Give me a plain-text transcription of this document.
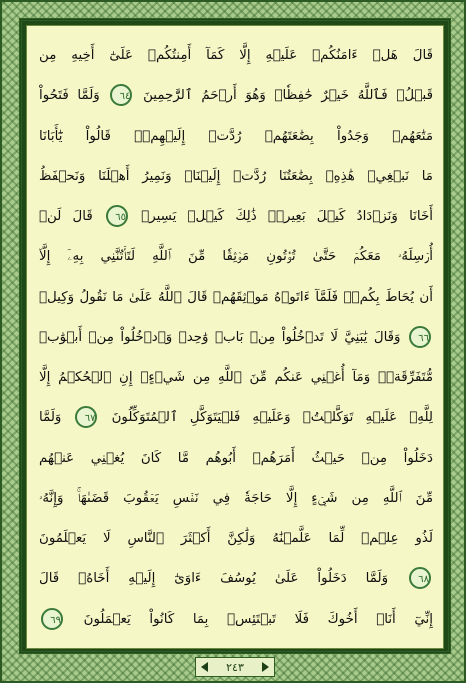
قَالَ هَلۡ ءَامَنُكُمۡ عَلَيۡهِ إِلَّا كَمَآ أَمِنتُكُمۡ عَلَىٰٓ أَخِيهِ مِن
قَبۡلُۖ فَٱللَّهُ خَيۡرٌ حَٰفِظٗاۖ وَهُوَ أَرۡحَمُ ٱلرَّٰحِمِينَ ٦٤ وَلَمَّا فَتَحُواْ
مَتَٰعَهُمۡ وَجَدُواْ بِضَٰعَتَهُمۡ رُدَّتۡ إِلَيۡهِمۡۖ قَالُواْ يَٰٓأَبَانَا
مَا نَبۡغِيۖ هَٰذِهِۦ بِضَٰعَتُنَا رُدَّتۡ إِلَيۡنَاۖ وَنَمِيرُ أَهۡلَنَا وَنَحۡفَظُ
أَخَانَا وَنَزۡدَادُ كَيۡلَ بَعِيرٖۖ ذَٰلِكَ كَيۡلٞ يَسِيرٞ ٦٥ قَالَ لَنۡ
أُرۡسِلَهُۥ مَعَكُمۡ حَتَّىٰ تُؤۡتُونِ مَوۡثِقٗا مِّنَ ٱللَّهِ لَتَأۡتُنَّنِي بِهِۦٓ إِلَّآ
أَن يُحَاطَ بِكُمۡۖ فَلَمَّآ ءَاتَوۡهُ مَوۡثِقَهُمۡ قَالَ ٱللَّهُ عَلَىٰ مَا نَقُولُ وَكِيلٞ
٦٦ وَقَالَ يَٰبَنِيَّ لَا تَدۡخُلُواْ مِنۢ بَابٖ وَٰحِدٖ وَٱدۡخُلُواْ مِنۡ أَبۡوَٰبٖ
مُّتَفَرِّقَةٖۖ وَمَآ أُغۡنِي عَنكُم مِّنَ ٱللَّهِ مِن شَيۡءٍۖ إِنِ ٱلۡحُكۡمُ إِلَّا
لِلَّهِۖ عَلَيۡهِ تَوَكَّلۡتُۖ وَعَلَيۡهِ فَلۡيَتَوَكَّلِ ٱلۡمُتَوَكِّلُونَ ٦٧ وَلَمَّا
دَخَلُواْ مِنۡ حَيۡثُ أَمَرَهُمۡ أَبُوهُم مَّا كَانَ يُغۡنِي عَنۡهُم
مِّنَ ٱللَّهِ مِن شَيۡءٍ إِلَّا حَاجَةٗ فِي نَفۡسِ يَعۡقُوبَ قَضَىٰهَاۚ وَإِنَّهُۥ
لَذُو عِلۡمٖ لِّمَا عَلَّمۡنَٰهُ وَلَٰكِنَّ أَكۡثَرَ ٱلنَّاسِ لَا يَعۡلَمُونَ
٦٨ وَلَمَّا دَخَلُواْ عَلَىٰ يُوسُفَ ءَاوَىٰٓ إِلَيۡهِ أَخَاهُۖ قَالَ
إِنِّيٓ أَنَا۠ أَخُوكَ فَلَا تَبۡتَئِسۡ بِمَا كَانُواْ يَعۡمَلُونَ ٦٩
٢٤٣
